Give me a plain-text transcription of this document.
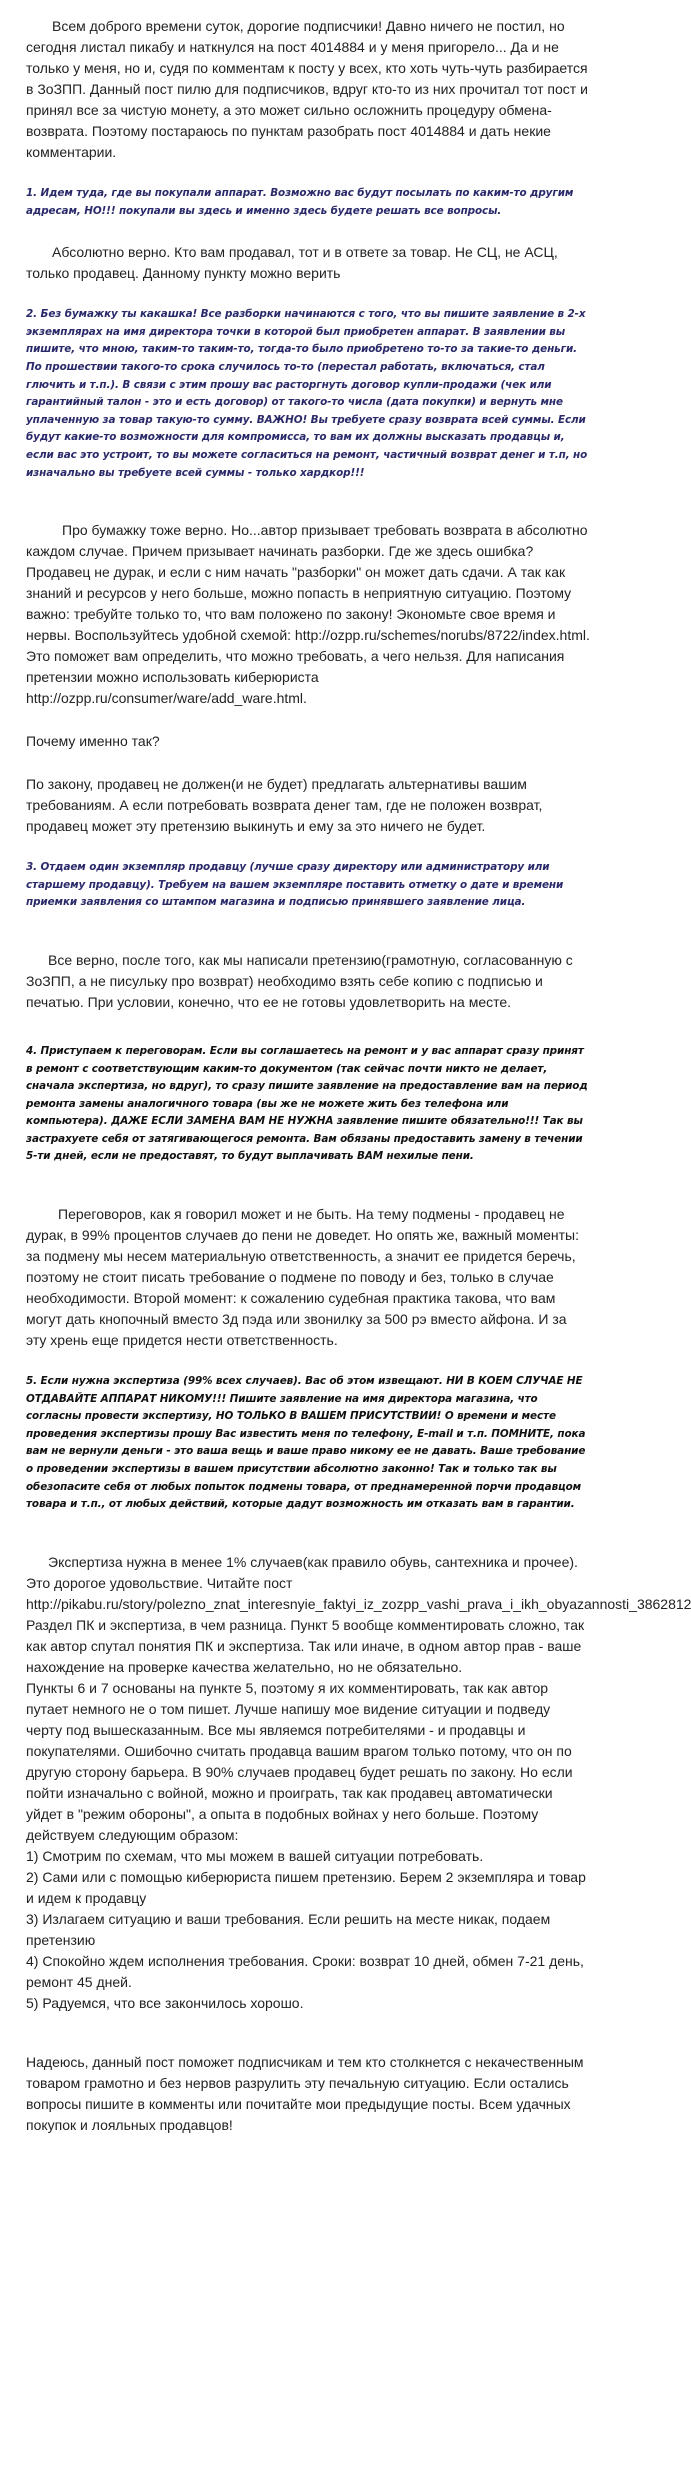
Всем доброго времени суток, дорогие подписчики! Давно ничего не постил, но сегодня листал пикабу и наткнулся на пост 4014884 и у меня пригорело... Да и не только у меня, но и, судя по комментам к посту у всех, кто хоть чуть-чуть разбирается в ЗоЗПП. Данный пост пилю для подписчиков, вдруг кто-то из них прочитал тот пост и принял все за чистую монету, а это может сильно осложнить процедуру обмена-возврата. Поэтому постараюсь по пунктам разобрать пост 4014884 и дать некие комментарии.

1. Идем туда, где вы покупали аппарат. Возможно вас будут посылать по каким-то другим адресам, НО!!! покупали вы здесь и именно здесь будете решать все вопросы.

Абсолютно верно. Кто вам продавал, тот и в ответе за товар. Не СЦ, не АСЦ, только продавец. Данному пункту можно верить

2. Без бумажку ты какашка! Все разборки начинаются с того, что вы пишите заявление в 2-х экземплярах на имя директора точки в которой был приобретен аппарат. В заявлении вы пишите, что мною, таким-то таким-то, тогда-то было приобретено то-то за такие-то деньги. По прошествии такого-то срока случилось то-то (перестал работать, включаться, стал глючить и т.п.). В связи с этим прошу вас расторгнуть договор купли-продажи (чек или гарантийный талон - это и есть договор) от такого-то числа (дата покупки) и вернуть мне уплаченную за товар такую-то сумму. ВАЖНО! Вы требуете сразу возврата всей суммы. Если будут какие-то возможности для компромисса, то вам их должны высказать продавцы и, если вас это устроит, то вы можете согласиться на ремонт, частичный возврат денег и т.п, но изначально вы требуете всей суммы - только хардкор!!!

Про бумажку тоже верно. Но...автор призывает требовать возврата в абсолютно каждом случае. Причем призывает начинать разборки. Где же здесь ошибка? Продавец не дурак, и если с ним начать "разборки" он может дать сдачи. А так как знаний и ресурсов у него больше, можно попасть в неприятную ситуацию. Поэтому важно: требуйте только то, что вам положено по закону! Экономьте свое время и нервы. Воспользуйтесь удобной схемой: http://ozpp.ru/schemes/norubs/8722/index.html. Это поможет вам определить, что можно требовать, а чего нельзя. Для написания претензии можно использовать киберюриста

http://ozpp.ru/consumer/ware/add_ware.html.

Почему именно так?

По закону, продавец не должен(и не будет) предлагать альтернативы вашим требованиям. А если потребовать возврата денег там, где не положен возврат, продавец может эту претензию выкинуть и ему за это ничего не будет.

3. Отдаем один экземпляр продавцу (лучше сразу директору или администратору или старшему продавцу). Требуем на вашем экземпляре поставить отметку о дате и времени приемки заявления со штампом магазина и подписью принявшего заявление лица.

Все верно, после того, как мы написали претензию(грамотную, согласованную с ЗоЗПП, а не писульку про возврат) необходимо взять себе копию с подписью и печатью. При условии, конечно, что ее не готовы удовлетворить на месте.

4. Приступаем к переговорам. Если вы соглашаетесь на ремонт и у вас аппарат сразу принят в ремонт с соответствующим каким-то документом (так сейчас почти никто не делает, сначала экспертиза, но вдруг), то сразу пишите заявление на предоставление вам на период ремонта замены аналогичного товара (вы же не можете жить без телефона или компьютера). ДАЖЕ ЕСЛИ ЗАМЕНА ВАМ НЕ НУЖНА заявление пишите обязательно!!! Так вы застрахуете себя от затягивающегося ремонта. Вам обязаны предоставить замену в течении 5-ти дней, если не предоставят, то будут выплачивать ВАМ нехилые пени.

Переговоров, как я говорил может и не быть. На тему подмены - продавец не дурак, в 99% процентов случаев до пени не доведет. Но опять же, важный моменты: за подмену мы несем материальную ответственность, а значит ее придется беречь, поэтому не стоит писать требование о подмене по поводу и без, только в случае необходимости. Второй момент: к сожалению судебная практика такова, что вам могут дать кнопочный вместо 3д пэда или звонилку за 500 рэ вместо айфона. И за эту хрень еще придется нести ответственность.

5. Если нужна экспертиза (99% всех случаев). Вас об этом извещают. НИ В КОЕМ СЛУЧАЕ НЕ ОТДАВАЙТЕ АППАРАТ НИКОМУ!!! Пишите заявление на имя директора магазина, что согласны провести экспертизу, НО ТОЛЬКО В ВАШЕМ ПРИСУТСТВИИ! О времени и месте проведения экспертизы прошу Вас известить меня по телефону, E-mail и т.п. ПОМНИТЕ, пока вам не вернули деньги - это ваша вещь и ваше право никому ее не давать. Ваше требование о проведении экспертизы в вашем присутствии абсолютно законно! Так и только так вы обезопасите себя от любых попыток подмены товара, от преднамеренной порчи продавцом товара и т.п., от любых действий, которые дадут возможность им отказать вам в гарантии.

Экспертиза нужна в менее 1% случаев(как правило обувь, сантехника и прочее). Это дорогое удовольствие. Читайте пост

http://pikabu.ru/story/polezno_znat_interesnyie_faktyi_iz_zozpp_vashi_prava_i_ikh_obyazannosti_3862812

Раздел ПК и экспертиза, в чем разница. Пункт 5 вообще комментировать сложно, так как автор спутал понятия ПК и экспертиза. Так или иначе, в одном автор прав - ваше нахождение на проверке качества желательно, но не обязательно.

Пункты 6 и 7 основаны на пункте 5, поэтому я их комментировать, так как автор путает немного не о том пишет. Лучше напишу мое видение ситуации и подведу черту под вышесказанным. Все мы являемся потребителями - и продавцы и покупателями. Ошибочно считать продавца вашим врагом только потому, что он по другую сторону барьера. В 90% случаев продавец будет решать по закону. Но если пойти изначально с войной, можно и проиграть, так как продавец автоматически уйдет в "режим обороны", а опыта в подобных войнах у него больше. Поэтому действуем следующим образом:

1) Смотрим по схемам, что мы можем в вашей ситуации потребовать.

2) Сами или с помощью киберюриста пишем претензию. Берем 2 экземпляра и товар и идем к продавцу

3) Излагаем ситуацию и ваши требования. Если решить на месте никак, подаем претензию

4) Спокойно ждем исполнения требования. Сроки: возврат 10 дней, обмен 7-21 день, ремонт 45 дней.

5) Радуемся, что все закончилось хорошо.

Надеюсь, данный пост поможет подписчикам и тем кто столкнется с некачественным товаром грамотно и без нервов разрулить эту печальную ситуацию. Если остались вопросы пишите в комменты или почитайте мои предыдущие посты. Всем удачных покупок и лояльных продавцов!
